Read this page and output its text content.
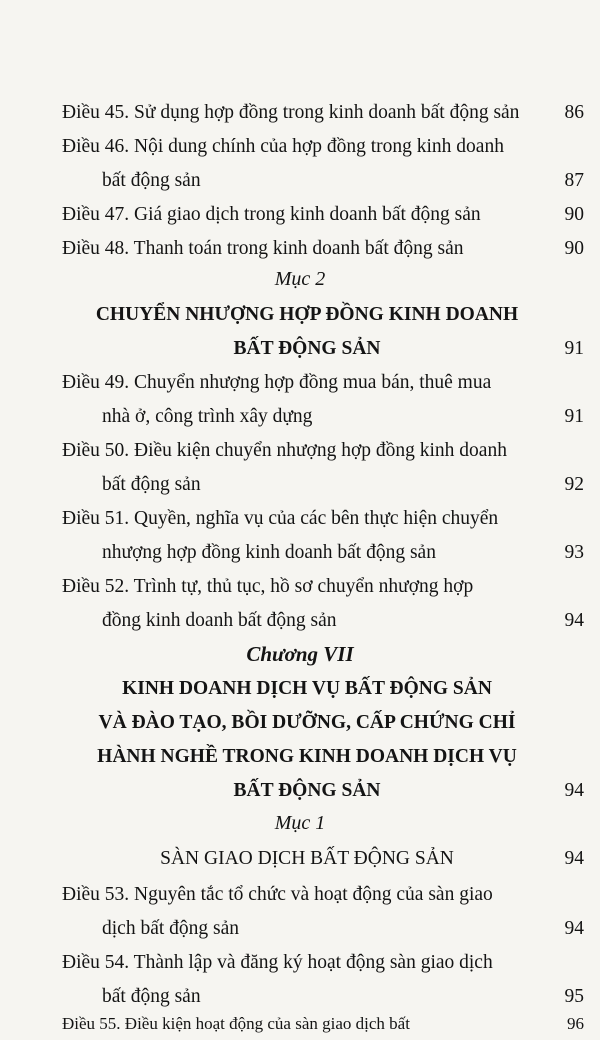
Điều 45. Sử dụng hợp đồng trong kinh doanh bất động sản	86
Điều 46. Nội dung chính của hợp đồng trong kinh doanh
bất động sản	87
Điều 47. Giá giao dịch trong kinh doanh bất động sản	90
Điều 48. Thanh toán trong kinh doanh bất động sản	90
Mục 2
CHUYỂN NHƯỢNG HỢP ĐỒNG KINH DOANH
BẤT ĐỘNG SẢN	91
Điều 49. Chuyển nhượng hợp đồng mua bán, thuê mua
nhà ở, công trình xây dựng	91
Điều 50. Điều kiện chuyển nhượng hợp đồng kinh doanh
bất động sản	92
Điều 51. Quyền, nghĩa vụ của các bên thực hiện chuyển
nhượng hợp đồng kinh doanh bất động sản	93
Điều 52. Trình tự, thủ tục, hồ sơ chuyển nhượng hợp
đồng kinh doanh bất động sản	94
Chương VII
KINH DOANH DỊCH VỤ BẤT ĐỘNG SẢN
VÀ ĐÀO TẠO, BỒI DƯỠNG, CẤP CHỨNG CHỈ
HÀNH NGHỀ TRONG KINH DOANH DỊCH VỤ
BẤT ĐỘNG SẢN	94
Mục 1
SÀN GIAO DỊCH BẤT ĐỘNG SẢN	94
Điều 53. Nguyên tắc tổ chức và hoạt động của sàn giao
dịch bất động sản	94
Điều 54. Thành lập và đăng ký hoạt động sàn giao dịch
bất động sản	95
Điều 55. Điều kiện hoạt động của sàn giao dịch bất	96
